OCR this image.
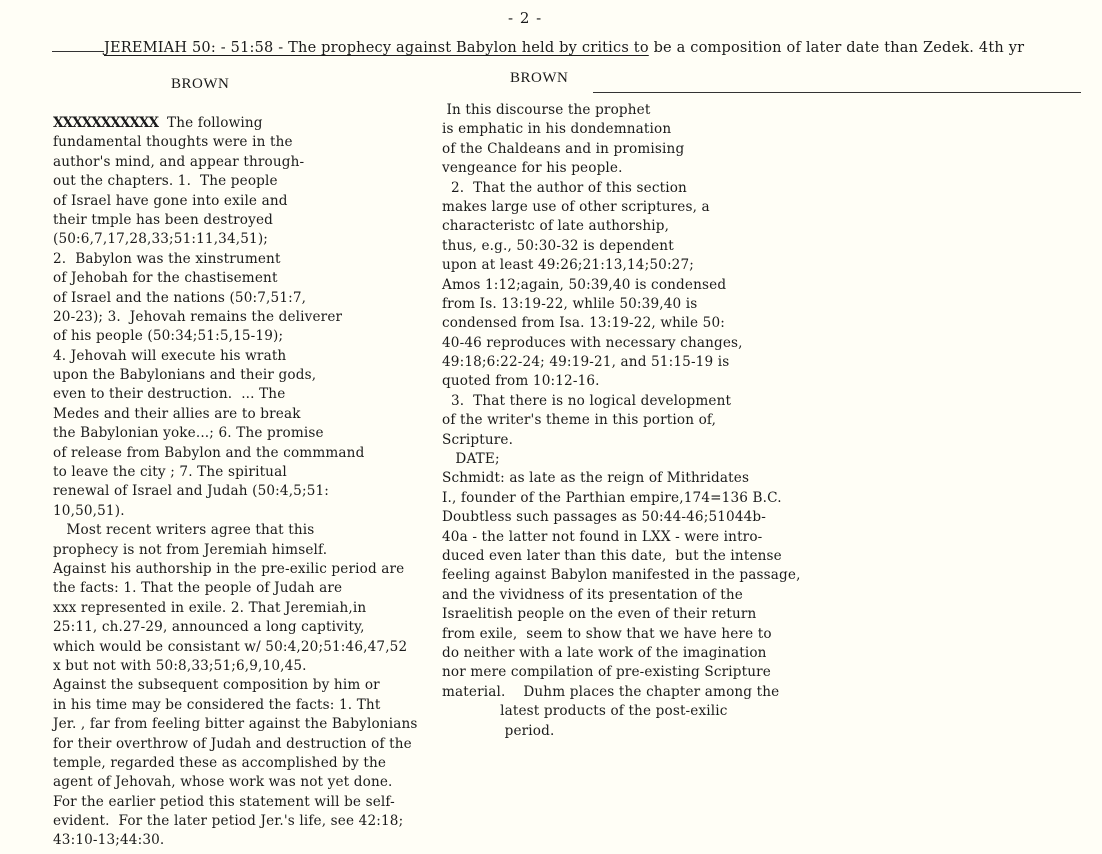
- 2 -
JEREMIAH 50: - 51:58 - The prophecy against Babylon held by critics to be a composition of later date than Zedek. 4th yr
BROWN	BROWN
XXXXXXXXXXX  The following
fundamental thoughts were in the
author's mind, and appear through-
out the chapters. 1.  The people
of Israel have gone into exile and
their tmple has been destroyed
(50:6,7,17,28,33;51:11,34,51);
2.  Babylon was the xinstrument
of Jehobah for the chastisement
of Israel and the nations (50:7,51:7,
20-23); 3.  Jehovah remains the deliverer
of his people (50:34;51:5,15-19);
4. Jehovah will execute his wrath
upon the Babylonians and their gods,
even to their destruction.  ... The
Medes and their allies are to break
the Babylonian yoke...; 6. The promise
of release from Babylon and the commmand
to leave the city ; 7. The spiritual
renewal of Israel and Judah (50:4,5;51:
10,50,51).
Most recent writers agree that this
prophecy is not from Jeremiah himself.
Against his authorship in the pre-exilic period are
the facts: 1. That the people of Judah are
xxx represented in exile. 2. That Jeremiah,in
25:11, ch.27-29, announced a long captivity,
which would be consistant w/ 50:4,20;51:46,47,52
x but not with 50:8,33;51;6,9,10,45.
Against the subsequent composition by him or
in his time may be considered the facts: 1. Tht
Jer. , far from feeling bitter against the Babylonians
for their overthrow of Judah and destruction of the
temple, regarded these as accomplished by the
agent of Jehovah, whose work was not yet done.
For the earlier petiod this statement will be self-
evident.  For the later petiod Jer.'s life, see 42:18;
43:10-13;44:30.
In this discourse the prophet
is emphatic in his dondemnation
of the Chaldeans and in promising
vengeance for his people.
2.  That the author of this section
makes large use of other scriptures, a
characteristc of late authorship,
thus, e.g., 50:30-32 is dependent
upon at least 49:26;21:13,14;50:27;
Amos 1:12;again, 50:39,40 is condensed
from Is. 13:19-22, whlile 50:39,40 is
condensed from Isa. 13:19-22, while 50:
40-46 reproduces with necessary changes,
49:18;6:22-24; 49:19-21, and 51:15-19 is
quoted from 10:12-16.
3.  That there is no logical development
of the writer's theme in this portion of,
Scripture.
DATE;
Schmidt: as late as the reign of Mithridates
I., founder of the Parthian empire,174=136 B.C.
Doubtless such passages as 50:44-46;51044b-
40a - the latter not found in LXX - were intro-
duced even later than this date,  but the intense
feeling against Babylon manifested in the passage,
and the vividness of its presentation of the
Israelitish people on the even of their return
from exile,  seem to show that we have here to
do neither with a late work of the imagination
nor mere compilation of pre-existing Scripture
material.    Duhm places the chapter among the
latest products of the post-exilic
period.
